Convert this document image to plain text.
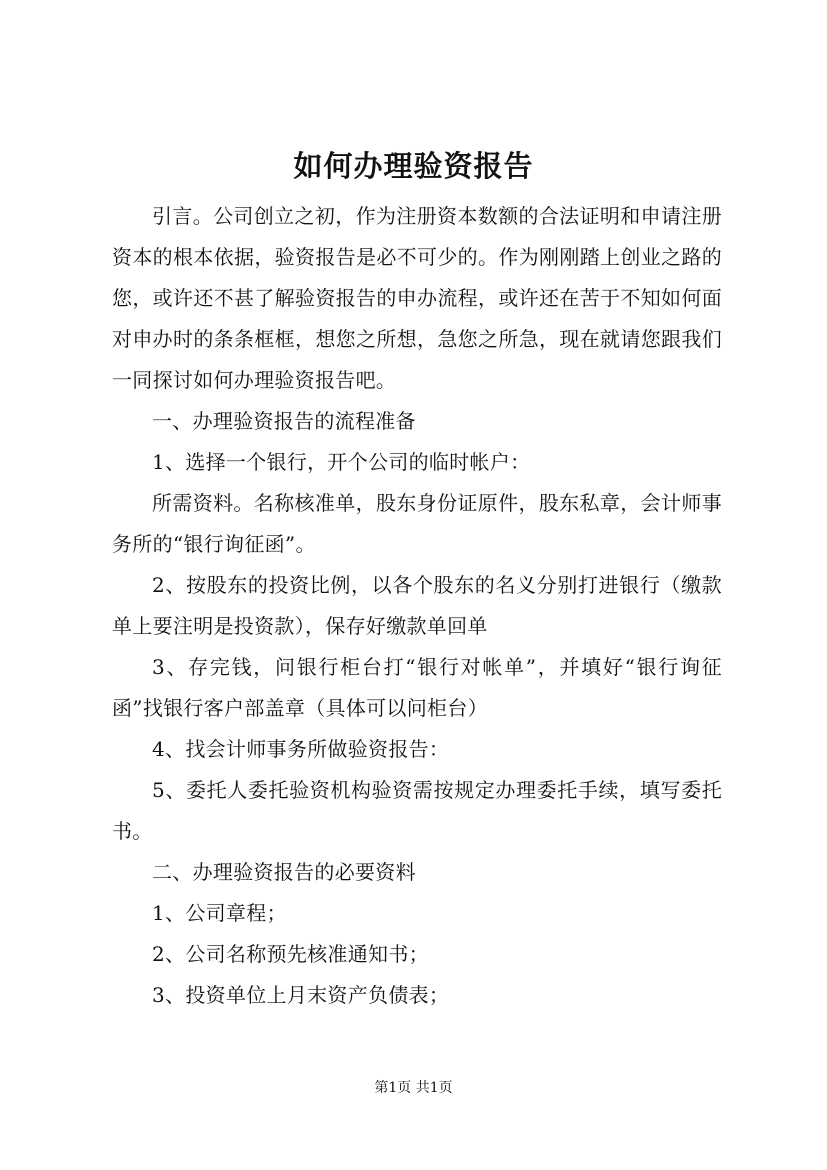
如何办理验资报告

引言。公司创立之初，作为注册资本数额的合法证明和申请注册资本的根本依据，验资报告是必不可少的。作为刚刚踏上创业之路的您，或许还不甚了解验资报告的申办流程，或许还在苦于不知如何面对申办时的条条框框，想您之所想，急您之所急，现在就请您跟我们一同探讨如何办理验资报告吧。

一、办理验资报告的流程准备

1、选择一个银行，开个公司的临时帐户：

所需资料。名称核准单，股东身份证原件，股东私章，会计师事务所的“银行询征函”。

2、按股东的投资比例，以各个股东的名义分别打进银行（缴款单上要注明是投资款），保存好缴款单回单

3、存完钱，问银行柜台打“银行对帐单”，并填好“银行询征函”找银行客户部盖章（具体可以问柜台）

4、找会计师事务所做验资报告：

5、委托人委托验资机构验资需按规定办理委托手续，填写委托书。

二、办理验资报告的必要资料

1、公司章程；

2、公司名称预先核准通知书；

3、投资单位上月末资产负债表；

第1页 共1页
